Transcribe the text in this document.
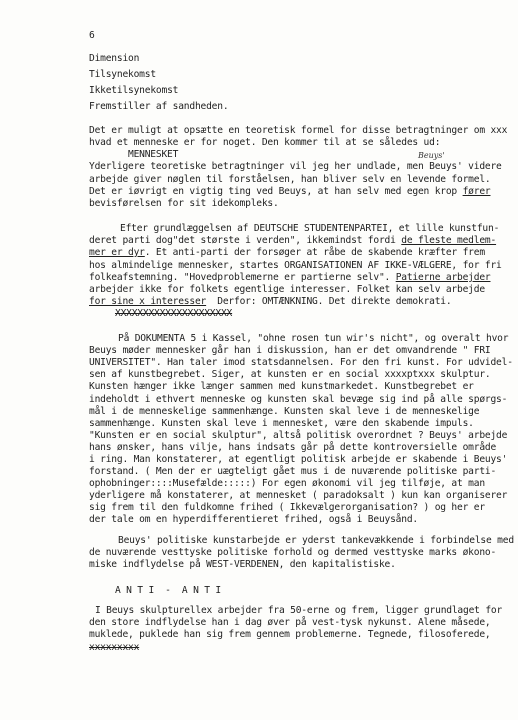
6
Dimension
Tilsynekomst
Ikketilsynekomst
Fremstiller af sandheden.
Det er muligt at opsætte en teoretisk formel for disse betragtninger om xxx
hvad et menneske er for noget. Den kommer til at se således ud:
MENNESKET
Yderligere teoretiske betragtninger vil jeg her undlade, men Beuys' videre
arbejde giver nøglen til forståelsen, han bliver selv en levende formel.
Det er iøvrigt en vigtig ting ved Beuys, at han selv med egen krop fører
bevisførelsen for sit idekompleks.
Efter grundlæggelsen af DEUTSCHE STUDENTENPARTEI, et lille kunstfun-
deret parti dog"det største i verden", ikkemindst fordi de fleste medlem-
mer er dyr. Et anti-parti der forsøger at råbe de skabende kræfter frem
hos almindelige mennesker, startes ORGANISATIONEN AF IKKE-VÆLGERE, for fri
folkeafstemning. "Hovedproblemerne er partierne selv". Patierne arbejder
arbejder ikke for folkets egentlige interesser. Folket kan selv arbejde
for sine x interesser  Derfor: OMTÆNKNING. Det direkte demokrati.
XXXXXXXXXXXXXXXXXXXXX
På DOKUMENTA 5 i Kassel, "ohne rosen tun wir's nicht", og overalt hvor
Beuys møder mennesker går han i diskussion, han er det omvandrende " FRI
UNIVERSITET". Han taler imod statsdannelsen. For den fri kunst. For udvidel-
sen af kunstbegrebet. Siger, at kunsten er en social xxxxptxxx skulptur.
Kunsten hænger ikke længer sammen med kunstmarkedet. Kunstbegrebet er
indeholdt i ethvert menneske og kunsten skal bevæge sig ind på alle spørgs-
mål i de menneskelige sammenhænge. Kunsten skal leve i de menneskelige
sammenhænge. Kunsten skal leve i mennesket, være den skabende impuls.
"Kunsten er en social skulptur", altså politisk overordnet ? Beuys' arbejde
hans ønsker, hans vilje, hans indsats går på dette kontroversielle område
i ring. Man konstaterer, at egentligt politisk arbejde er skabende i Beuys'
forstand. ( Men der er uægteligt gået mus i de nuværende politiske parti-
ophobninger::::Musefælde:::::) For egen økonomi vil jeg tilføje, at man
yderligere må konstaterer, at mennesket ( paradoksalt ) kun kan organiserer
sig frem til den fuldkomne frihed ( Ikkevælgerorganisation? ) og her er
der tale om en hyperdifferentieret frihed, også i Beuysånd.
Beuys' politiske kunstarbejde er yderst tankevækkende i forbindelse med
de nuværende vesttyske politiske forhold og dermed vesttyske marks økono-
miske indflydelse på WEST-VERDENEN, den kapitalistiske.
A N T I  -  A N T I
I Beuys skulpturellex arbejder fra 50-erne og frem, ligger grundlaget for
den store indflydelse han i dag øver på vest-tysk nykunst. Alene måsede,
muklede, puklede han sig frem gennem problemerne. Tegnede, filosoferede,
xxxxxxxxx
Beuys'
